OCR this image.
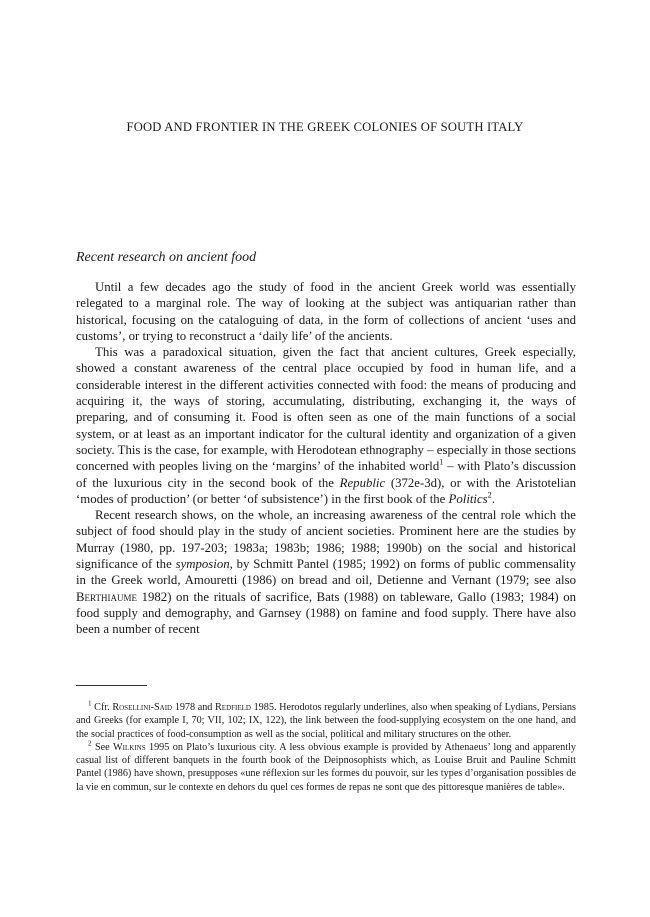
FOOD AND FRONTIER IN THE GREEK COLONIES OF SOUTH ITALY
Recent research on ancient food

Until a few decades ago the study of food in the ancient Greek world was essentially relegated to a marginal role. The way of looking at the subject was antiquarian rather than historical, focusing on the cataloguing of data, in the form of collections of ancient ‘uses and customs’, or trying to reconstruct a ‘daily life’ of the ancients.

This was a paradoxical situation, given the fact that ancient cultures, Greek especially, showed a constant awareness of the central place occupied by food in human life, and a considerable interest in the different activities connected with food: the means of producing and acquiring it, the ways of storing, accumulating, distributing, exchanging it, the ways of preparing, and of consuming it. Food is often seen as one of the main functions of a social system, or at least as an important indicator for the cultural identity and organization of a given society. This is the case, for example, with Herodotean ethnography – especially in those sections concerned with peoples living on the ‘margins’ of the inhabited world$^1$ – with Plato’s discussion of the luxurious city in the second book of the Republic (372e-3d), or with the Aristotelian ‘modes of production’ (or better ‘of subsistence’) in the first book of the Politics$^2$.

Recent research shows, on the whole, an increasing awareness of the central role which the subject of food should play in the study of ancient societies. Prominent here are the studies by Murray (1980, pp. 197-203; 1983a; 1983b; 1986; 1988; 1990b) on the social and historical significance of the symposion, by Schmitt Pantel (1985; 1992) on forms of public commensality in the Greek world, Amouretti (1986) on bread and oil, Detienne and Vernant (1979; see also Berthiaume 1982) on the rituals of sacrifice, Bats (1988) on tableware, Gallo (1983; 1984) on food supply and demography, and Garnsey (1988) on famine and food supply. There have also been a number of recent

$^1$ Cfr. Rosellini-Said 1978 and Redfield 1985. Herodotos regularly underlines, also when speaking of Lydians, Persians and Greeks (for example I, 70; VII, 102; IX, 122), the link between the food-supplying ecosystem on the one hand, and the social practices of food-consumption as well as the social, political and military structures on the other.

$^2$ See Wilkins 1995 on Plato’s luxurious city. A less obvious example is provided by Athenaeus’ long and apparently casual list of different banquets in the fourth book of the Deipnosophists which, as Louise Bruit and Pauline Schmitt Pantel (1986) have shown, presupposes «une réflexion sur les formes du pouvoir, sur les types d’organisation possibles de la vie en commun, sur le contexte en dehors du quel ces formes de repas ne sont que des pittoresque manières de table».
